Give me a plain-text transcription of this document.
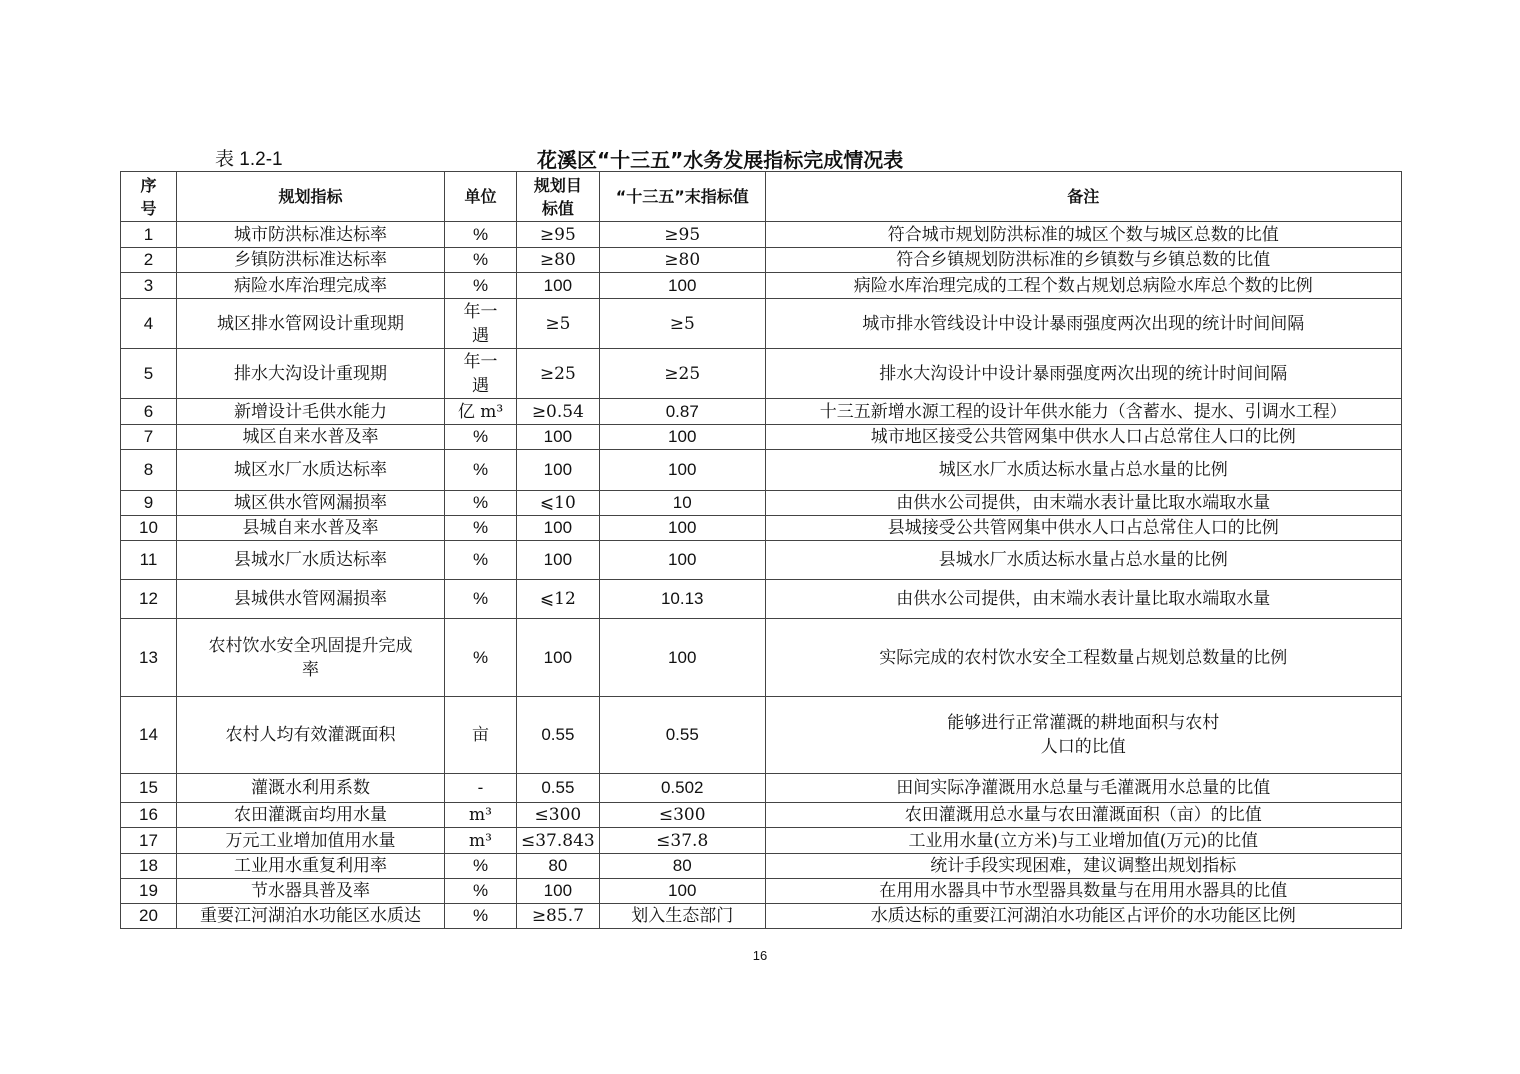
表 1.2-1	花溪区“十三五”水务发展指标完成情况表
序号	规划指标	单位	规划目标值	“十三五”末指标值	备注
1	城市防洪标准达标率	%	≥95	≥95	符合城市规划防洪标准的城区个数与城区总数的比值
2	乡镇防洪标准达标率	%	≥80	≥80	符合乡镇规划防洪标准的乡镇数与乡镇总数的比值
3	病险水库治理完成率	%	100	100	病险水库治理完成的工程个数占规划总病险水库总个数的比例
4	城区排水管网设计重现期	年一遇	≥5	≥5	城市排水管线设计中设计暴雨强度两次出现的统计时间间隔
5	排水大沟设计重现期	年一遇	≥25	≥25	排水大沟设计中设计暴雨强度两次出现的统计时间间隔
6	新增设计毛供水能力	亿 m³	≥0.54	0.87	十三五新增水源工程的设计年供水能力（含蓄水、提水、引调水工程）
7	城区自来水普及率	%	100	100	城市地区接受公共管网集中供水人口占总常住人口的比例
8	城区水厂水质达标率	%	100	100	城区水厂水质达标水量占总水量的比例
9	城区供水管网漏损率	%	⩽10	10	由供水公司提供，由末端水表计量比取水端取水量
10	县城自来水普及率	%	100	100	县城接受公共管网集中供水人口占总常住人口的比例
11	县城水厂水质达标率	%	100	100	县城水厂水质达标水量占总水量的比例
12	县城供水管网漏损率	%	⩽12	10.13	由供水公司提供，由末端水表计量比取水端取水量
13	农村饮水安全巩固提升完成率	%	100	100	实际完成的农村饮水安全工程数量占规划总数量的比例
14	农村人均有效灌溉面积	亩	0.55	0.55	能够进行正常灌溉的耕地面积与农村人口的比值
15	灌溉水利用系数	-	0.55	0.502	田间实际净灌溉用水总量与毛灌溉用水总量的比值
16	农田灌溉亩均用水量	m³	≤300	≤300	农田灌溉用总水量与农田灌溉面积（亩）的比值
17	万元工业增加值用水量	m³	≤37.843	≤37.8	工业用水量(立方米)与工业增加值(万元)的比值
18	工业用水重复利用率	%	80	80	统计手段实现困难，建议调整出规划指标
19	节水器具普及率	%	100	100	在用用水器具中节水型器具数量与在用用水器具的比值
20	重要江河湖泊水功能区水质达	%	≥85.7	划入生态部门	水质达标的重要江河湖泊水功能区占评价的水功能区比例
16
